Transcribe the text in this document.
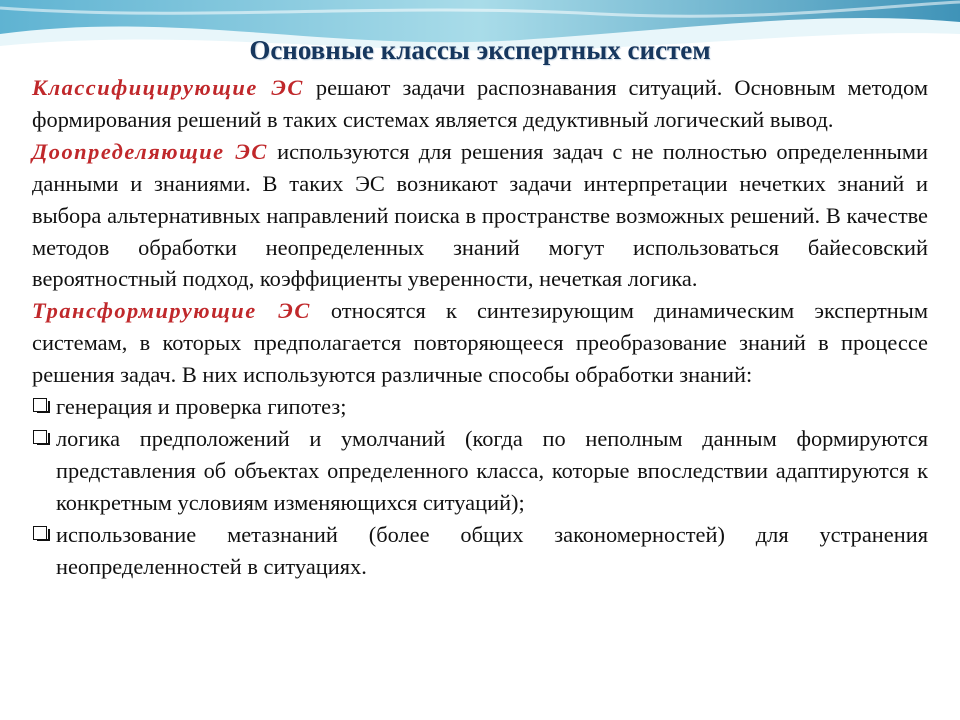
Основные классы экспертных систем

Классифицирующие ЭС решают задачи распознавания ситуаций. Основным методом формирования решений в таких системах является дедуктивный логический вывод.

Доопределяющие ЭС используются для решения задач с не полностью определенными данными и знаниями. В таких ЭС возникают задачи интерпретации нечетких знаний и выбора альтернативных направлений поиска в пространстве возможных решений. В качестве методов обработки неопределенных знаний могут использоваться байесовский вероятностный подход, коэффициенты уверенности, нечеткая логика.

Трансформирующие ЭС относятся к синтезирующим динамическим экспертным системам, в которых предполагается повторяющееся преобразование знаний в процессе решения задач. В них используются различные способы обработки знаний:

генерация и проверка гипотез;

логика предположений и умолчаний (когда по неполным данным формируются представления об объектах определенного класса, которые впоследствии адаптируются к конкретным условиям изменяющихся ситуаций);

использование метазнаний (более общих закономерностей) для устранения неопределенностей в ситуациях.
